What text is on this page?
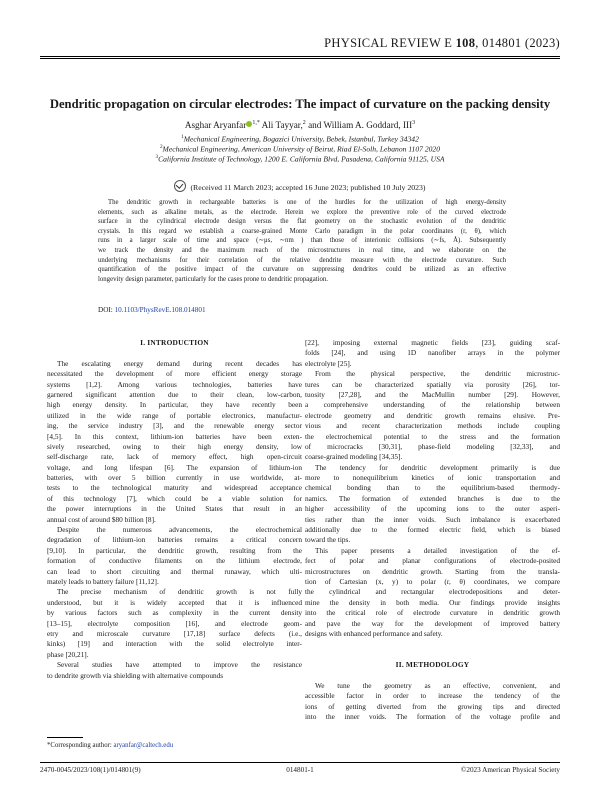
PHYSICAL REVIEW E 108, 014801 (2023)
Dendritic propagation on circular electrodes: The impact of curvature on the packing density
Asghar Aryanfar $^{1,*}$ Ali Tayyar,$^2$ and William A. Goddard, III$^3$
$^1$Mechanical Engineering, Bogazici University, Bebek, Istanbul, Turkey 34342
$^2$Mechanical Engineering, American University of Beirut, Riad El-Solh, Lebanon 1107 2020
$^3$California Institute of Technology, 1200 E. California Blvd, Pasadena, California 91125, USA
(Received 11 March 2023; accepted 16 June 2023; published 10 July 2023)
The dendritic growth in rechargeable batteries is one of the hurdles for the utilization of high energy-density
elements, such as alkaline metals, as the electrode. Herein we explore the preventive role of the curved electrode
surface in the cylindrical electrode design versus the flat geometry on the stochastic evolution of the dendritic
crystals. In this regard we establish a coarse-grained Monte Carlo paradigm in the polar coordinates (r, θ), which
runs in a larger scale of time and space (∼μs, ∼nm ) than those of interionic collisions (∼fs, Å). Subsequently
we track the density and the maximum reach of the microstructures in real time, and we elaborate on the
underlying mechanisms for their correlation of the relative dendrite measure with the electrode curvature. Such
quantification of the positive impact of the curvature on suppressing dendrites could be utilized as an effective
longevity design parameter, particularly for the cases prone to dendritic propagation.
DOI: 10.1103/PhysRevE.108.014801
I. INTRODUCTION
The escalating energy demand during recent decades has
necessitated the development of more efficient energy storage
systems [1,2]. Among various technologies, batteries have
garnered significant attention due to their clean, low-carbon,
high energy density. In particular, they have recently been
utilized in the wide range of portable electronics, manufactur-
ing, the service industry [3], and the renewable energy sector
[4,5]. In this context, lithium-ion batteries have been exten-
sively researched, owing to their high energy density, low
self-discharge rate, lack of memory effect, high open-circuit
voltage, and long lifespan [6]. The expansion of lithium-ion
batteries, with over 5 billion currently in use worldwide, at-
tests to the technological maturity and widespread acceptance
of this technology [7], which could be a viable solution for
the power interruptions in the United States that result in an
annual cost of around $80 billion [8].
Despite the numerous advancements, the electrochemical
degradation of lithium-ion batteries remains a critical concern
[9,10]. In particular, the dendritic growth, resulting from the
formation of conductive filaments on the lithium electrode,
can lead to short circuiting and thermal runaway, which ulti-
mately leads to battery failure [11,12].
The precise mechanism of dendritic growth is not fully
understood, but it is widely accepted that it is influenced
by various factors such as complexity in the current density
[13–15], electrolyte composition [16], and electrode geom-
etry and microscale curvature [17,18] surface defects (i.e.,
kinks) [19] and interaction with the solid electrolyte inter-
phase [20,21].
Several studies have attempted to improve the resistance
to dendrite growth via shielding with alternative compounds
[22], imposing external magnetic fields [23], guiding scaf-
folds [24], and using 1D nanofiber arrays in the polymer
electrolyte [25].
From the physical perspective, the dendritic microstruc-
tures can be characterized spatially via porosity [26], tor-
tuosity [27,28], and the MacMullin number [29]. However,
a comprehensive understanding of the relationship between
electrode geometry and dendritic growth remains elusive. Pre-
vious and recent characterization methods include coupling
the electrochemical potential to the stress and the formation
of microcracks [30,31], phase-field modeling [32,33], and
coarse-grained modeling [34,35].
The tendency for dendritic development primarily is due
more to nonequilibrium kinetics of ionic transportation and
chemical bonding than to the equilibrium-based thermody-
namics. The formation of extended branches is due to the
higher accessibility of the upcoming ions to the outer asperi-
ties rather than the inner voids. Such imbalance is exacerbated
additionally due to the formed electric field, which is biased
toward the tips.
This paper presents a detailed investigation of the ef-
fect of polar and planar configurations of electrode-posited
microstructures on dendritic growth. Starting from the transla-
tion of Cartesian (x, y) to polar (r, θ) coordinates, we compare
the cylindrical and rectangular electrodepositions and deter-
mine the density in both media. Our findings provide insights
into the critical role of electrode curvature in dendritic growth
and pave the way for the development of improved battery
designs with enhanced performance and safety.
II. METHODOLOGY
We tune the geometry as an effective, convenient, and
accessible factor in order to increase the tendency of the
ions of getting diverted from the growing tips and directed
into the inner voids. The formation of the voltage profile and
*Corresponding author: aryanfar@caltech.edu
2470-0045/2023/108(1)/014801(9)	014801-1	©2023 American Physical Society
